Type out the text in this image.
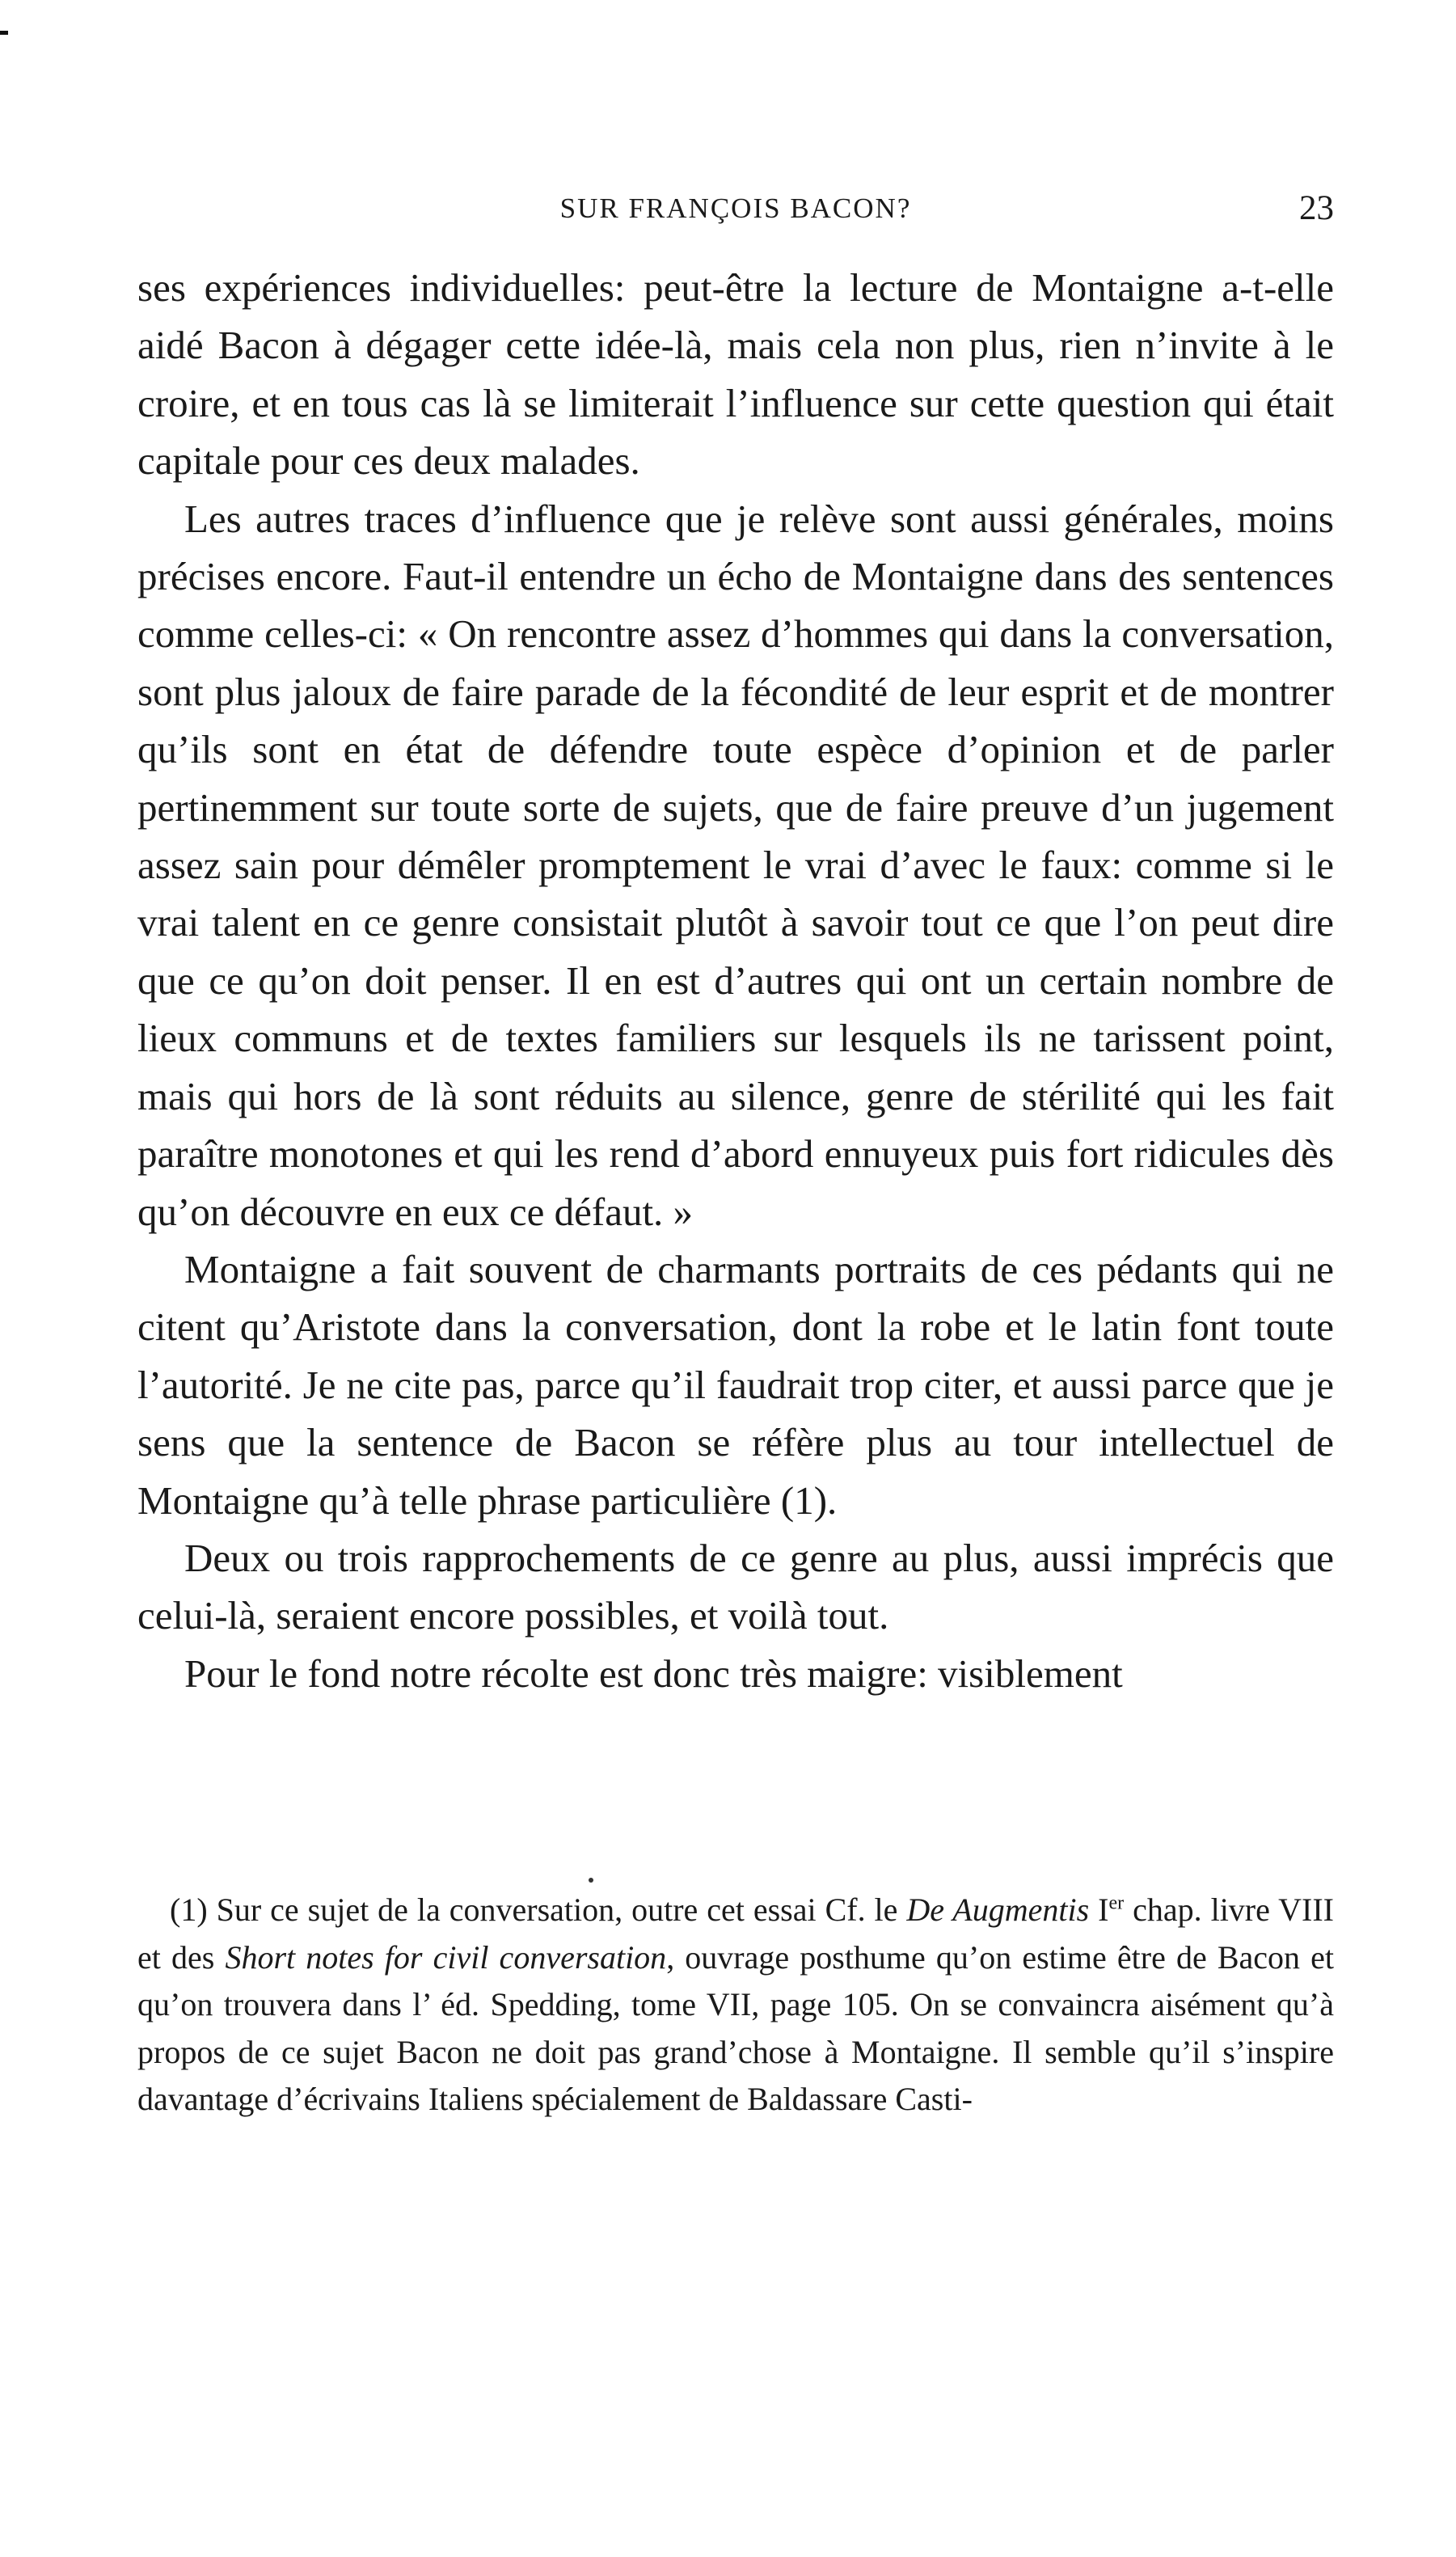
SUR FRANÇOIS BACON?	23

ses expériences individuelles: peut-être la lecture de Montaigne a-t-elle aidé Bacon à dégager cette idée-là, mais cela non plus, rien n’invite à le croire, et en tous cas là se limiterait l’influence sur cette question qui était capitale pour ces deux malades.

Les autres traces d’influence que je relève sont aussi générales, moins précises encore. Faut-il entendre un écho de Montaigne dans des sentences comme celles-ci: « On rencontre assez d’hommes qui dans la conversation, sont plus jaloux de faire parade de la fécondité de leur esprit et de montrer qu’ils sont en état de défendre toute espèce d’opinion et de parler pertinemment sur toute sorte de sujets, que de faire preuve d’un jugement assez sain pour démêler promptement le vrai d’avec le faux: comme si le vrai talent en ce genre consistait plutôt à savoir tout ce que l’on peut dire que ce qu’on doit penser. Il en est d’autres qui ont un certain nombre de lieux communs et de textes familiers sur lesquels ils ne tarissent point, mais qui hors de là sont réduits au silence, genre de stérilité qui les fait paraître monotones et qui les rend d’abord ennuyeux puis fort ridicules dès qu’on découvre en eux ce défaut. »

Montaigne a fait souvent de charmants portraits de ces pédants qui ne citent qu’Aristote dans la conversation, dont la robe et le latin font toute l’autorité. Je ne cite pas, parce qu’il faudrait trop citer, et aussi parce que je sens que la sentence de Bacon se réfère plus au tour intellectuel de Montaigne qu’à telle phrase particulière (1).

Deux ou trois rapprochements de ce genre au plus, aussi imprécis que celui-là, seraient encore possibles, et voilà tout.

Pour le fond notre récolte est donc très maigre: visiblement

(1) Sur ce sujet de la conversation, outre cet essai Cf. le De Augmentis Ier chap. livre VIII et des Short notes for civil conversation, ouvrage posthume qu’on estime être de Bacon et qu’on trouvera dans l’ éd. Spedding, tome VII, page 105. On se convaincra aisément qu’à propos de ce sujet Bacon ne doit pas grand’chose à Montaigne. Il semble qu’il s’inspire davantage d’écrivains Italiens spécialement de Baldassare Casti-
